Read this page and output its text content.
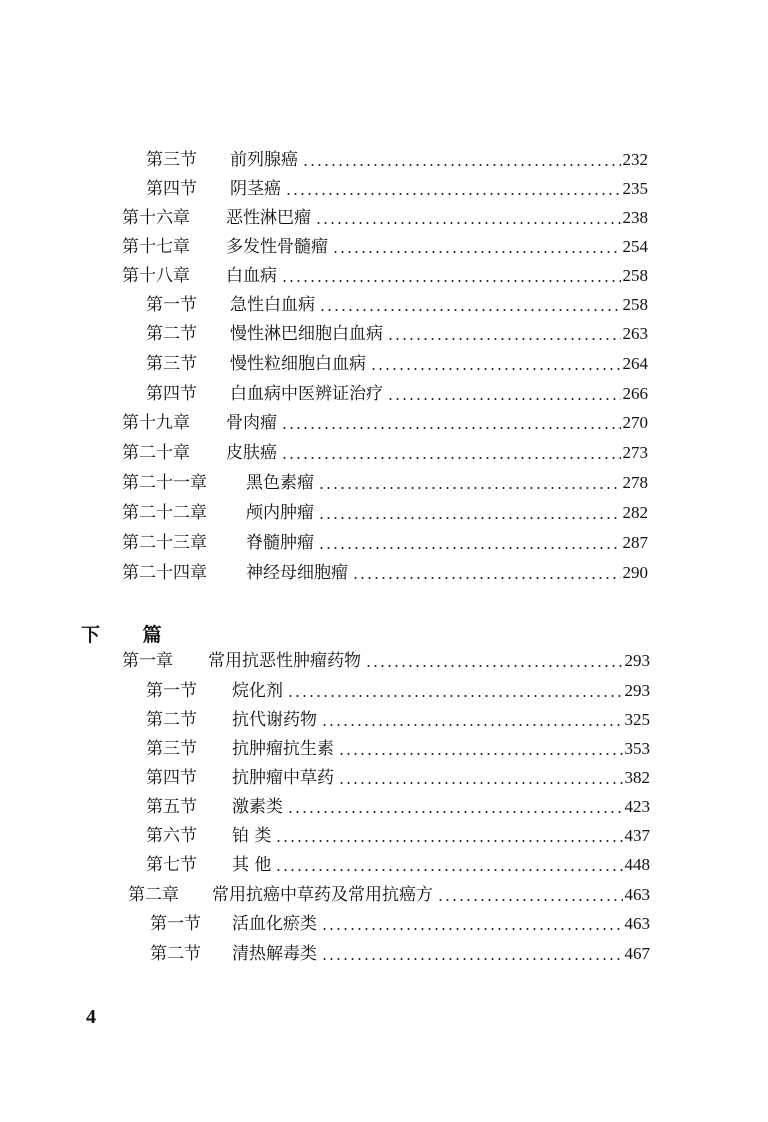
第三节	前列腺癌	232
第四节	阴茎癌	235
第十六章	恶性淋巴瘤	238
第十七章	多发性骨髓瘤	254
第十八章	白血病	258
第一节	急性白血病	258
第二节	慢性淋巴细胞白血病	263
第三节	慢性粒细胞白血病	264
第四节	白血病中医辨证治疗	266
第十九章	骨肉瘤	270
第二十章	皮肤癌	273
第二十一章	黑色素瘤	278
第二十二章	颅内肿瘤	282
第二十三章	脊髓肿瘤	287
第二十四章	神经母细胞瘤	290
下 篇
第一章	常用抗恶性肿瘤药物	293
第一节	烷化剂	293
第二节	抗代谢药物	325
第三节	抗肿瘤抗生素	353
第四节	抗肿瘤中草药	382
第五节	激素类	423
第六节	铂 类	437
第七节	其 他	448
第二章	常用抗癌中草药及常用抗癌方	463
第一节	活血化瘀类	463
第二节	清热解毒类	467
4
